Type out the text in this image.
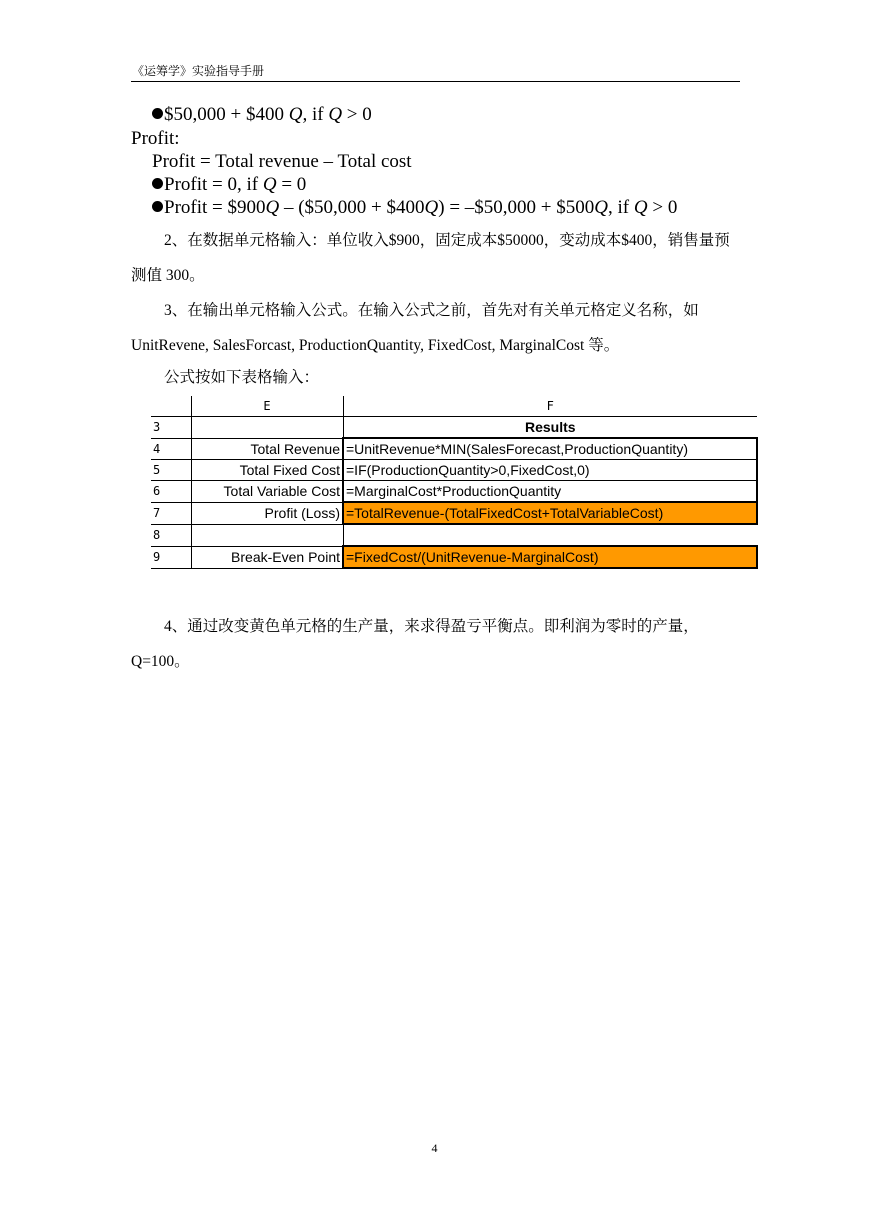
《运筹学》实验指导手册
$50,000 + $400 Q, if Q > 0
Profit:
Profit = Total revenue – Total cost
Profit = 0, if Q = 0
Profit = $900Q – ($50,000 + $400Q) = –$50,000 + $500Q, if Q > 0
2、在数据单元格输入：单位收入$900，固定成本$50000，变动成本$400，销售量预测值 300。
3、在输出单元格输入公式。在输入公式之前，首先对有关单元格定义名称，如 UnitRevene, SalesForcast, ProductionQuantity, FixedCost, MarginalCost 等。
公式按如下表格输入：
	E	F
3		Results
4	Total Revenue	=UnitRevenue*MIN(SalesForecast,ProductionQuantity)
5	Total Fixed Cost	=IF(ProductionQuantity>0,FixedCost,0)
6	Total Variable Cost	=MarginalCost*ProductionQuantity
7	Profit (Loss)	=TotalRevenue-(TotalFixedCost+TotalVariableCost)
8		
9	Break-Even Point	=FixedCost/(UnitRevenue-MarginalCost)
4、通过改变黄色单元格的生产量，来求得盈亏平衡点。即利润为零时的产量，Q=100。
4
